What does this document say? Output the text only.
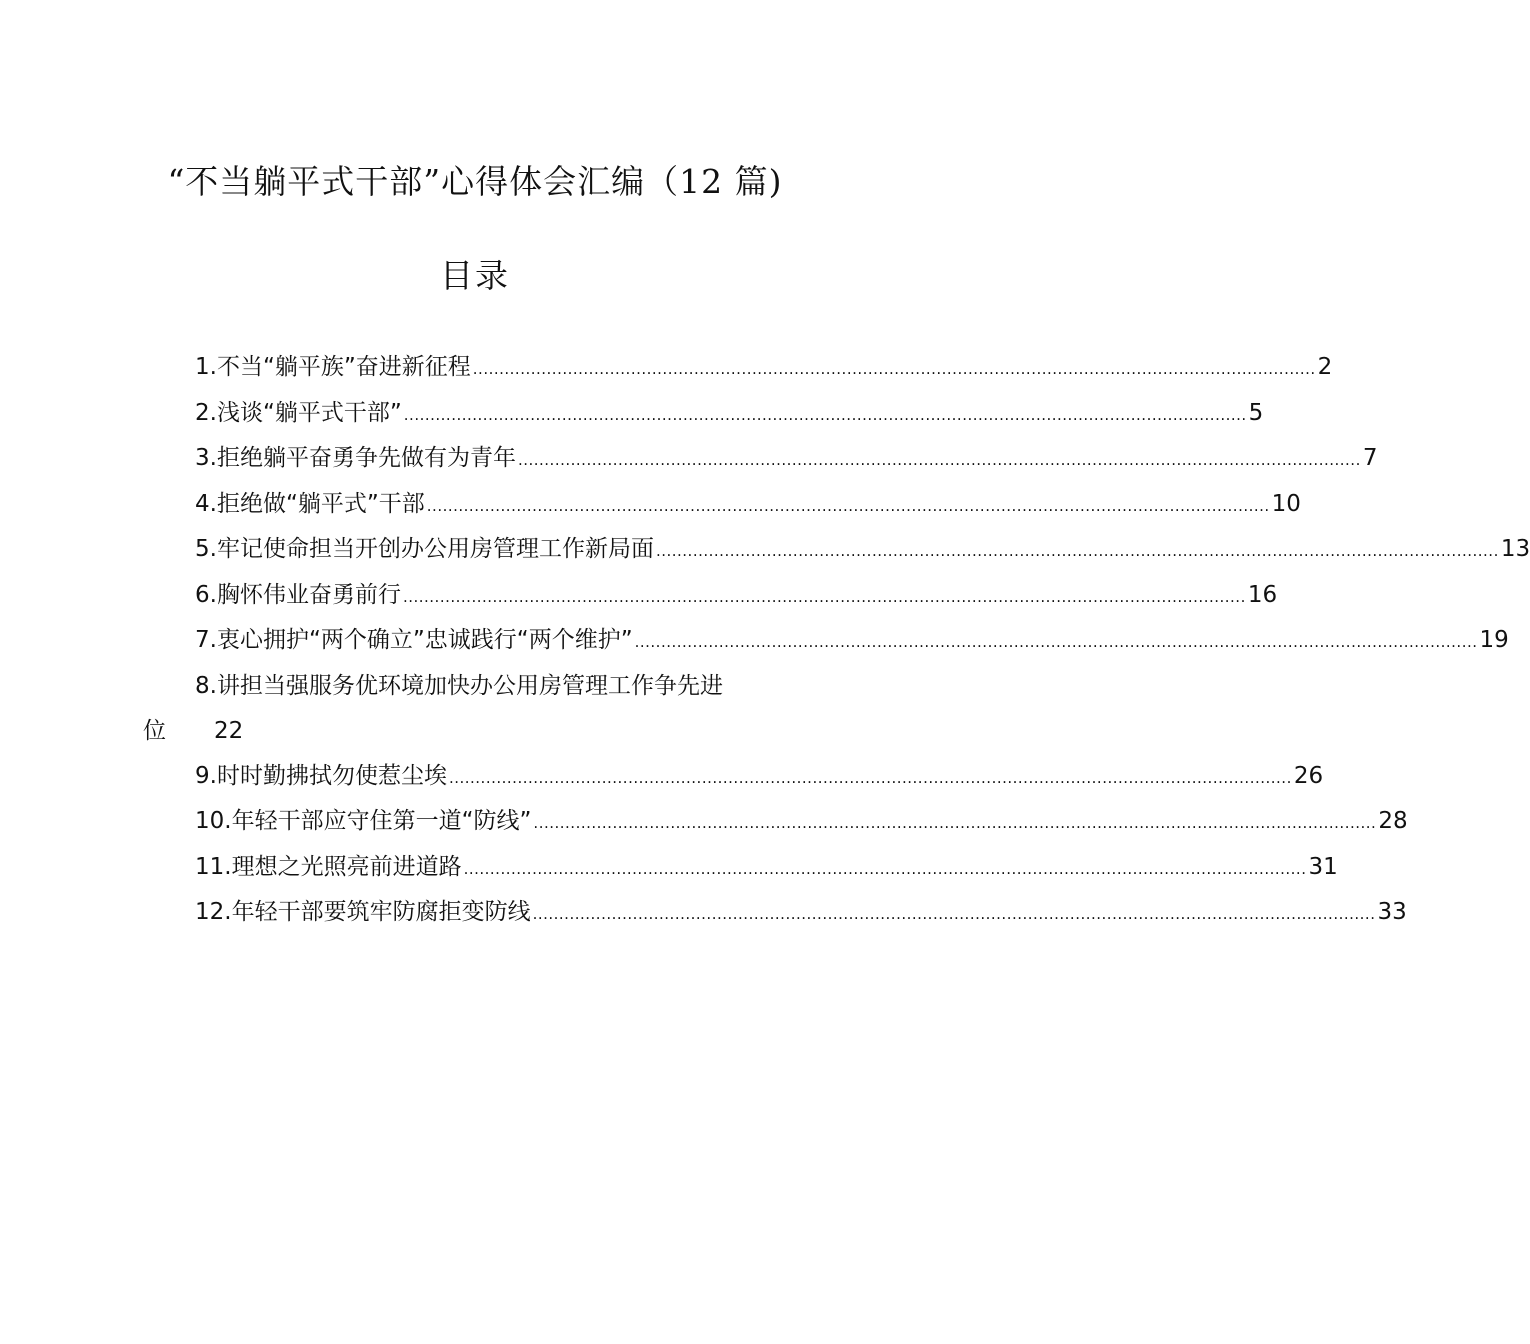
“不当躺平式干部”心得体会汇编（12 篇)
目录
1.不当“躺平族”奋进新征程 ................................................................................................................................................................ 2
2.浅谈“躺平式干部” ................................................................................................................................................................ 5
3.拒绝躺平奋勇争先做有为青年 ................................................................................................................................................................ 7
4.拒绝做“躺平式”干部 ................................................................................................................................................................ 10
5.牢记使命担当开创办公用房管理工作新局面 ................................................................................................................................................................ 13
6.胸怀伟业奋勇前行 ................................................................................................................................................................ 16
7.衷心拥护“两个确立”忠诚践行“两个维护” ................................................................................................................................................................ 19
8.讲担当强服务优环境加快办公用房管理工作争先进
位 22
9.时时勤拂拭勿使惹尘埃 ................................................................................................................................................................ 26
10.年轻干部应守住第一道“防线” ................................................................................................................................................................ 28
11.理想之光照亮前进道路 ................................................................................................................................................................ 31
12.年轻干部要筑牢防腐拒变防线 ................................................................................................................................................................ 33
